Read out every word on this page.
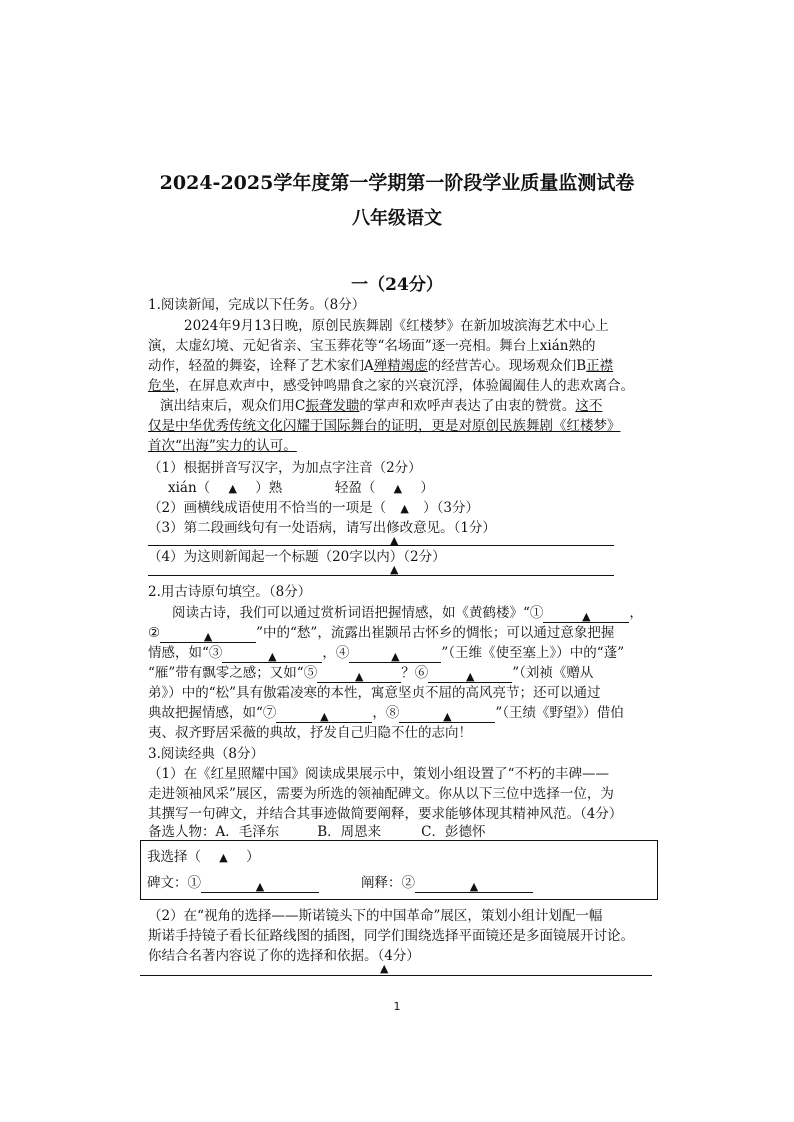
2024-2025学年度第一学期第一阶段学业质量监测试卷
八年级语文
一（24分）
1.阅读新闻，完成以下任务。（8分）
2024年9月13日晚，原创民族舞剧《红楼梦》在新加坡滨海艺术中心上
演，太虚幻境、元妃省亲、宝玉葬花等“名场面”逐一亮相。舞台上xián熟的
动作，轻盈的舞姿，诠释了艺术家们A殚精竭虑的经营苦心。现场观众们B正襟
危坐，在屏息欢声中，感受钟鸣鼎食之家的兴衰沉浮，体验阖阖佳人的悲欢离合。
演出结束后，观众们用C振聋发聩的掌声和欢呼声表达了由衷的赞赏。这不
仅是中华优秀传统文化闪耀于国际舞台的证明，更是对原创民族舞剧《红楼梦》
首次“出海”实力的认可。
（1）根据拼音写汉字，为加点字注音（2分）
xián（ ▲ ）熟	轻盈（ ▲ ）
（2）画横线成语使用不恰当的一项是（ ▲ ）（3分）
（3）第二段画线句有一处语病，请写出修改意见。（1分）
▲
（4）为这则新闻起一个标题（20字以内）（2分）
▲
2.用古诗原句填空。（8分）
阅读古诗，我们可以通过赏析词语把握情感，如《黄鹤楼》“①	▲	，
②	▲	”中的“愁”，流露出崔颢吊古怀乡的惆怅；可以通过意象把握
情感，如“③	▲	，④	▲	”（王维《使至塞上》）中的“蓬”
“雁”带有飘零之感；又如“⑤	▲	？⑥	▲	”（刘祯《赠从
弟》）中的“松”具有傲霜凌寒的本性，寓意坚贞不屈的高风亮节；还可以通过
典故把握情感，如“⑦	▲	，⑧	▲	”（王绩《野望》）借伯
夷、叔齐野居采薇的典故，抒发自己归隐不仕的志向！
3.阅读经典（8分）
（1）在《红星照耀中国》阅读成果展示中，策划小组设置了“不朽的丰碑——
走进领袖风采”展区，需要为所选的领袖配碑文。你从以下三位中选择一位，为
其撰写一句碑文，并结合其事迹做简要阐释，要求能够体现其精神风范。（4分）
备选人物：A．毛泽东	B．周恩来	C．彭德怀
我选择（ ▲ ）
碑文：①	▲	阐释：②	▲
（2）在“视角的选择——斯诺镜头下的中国革命”展区，策划小组计划配一幅
斯诺手持镜子看长征路线图的插图，同学们围绕选择平面镜还是多面镜展开讨论。
你结合名著内容说了你的选择和依据。（4分）
▲
1
